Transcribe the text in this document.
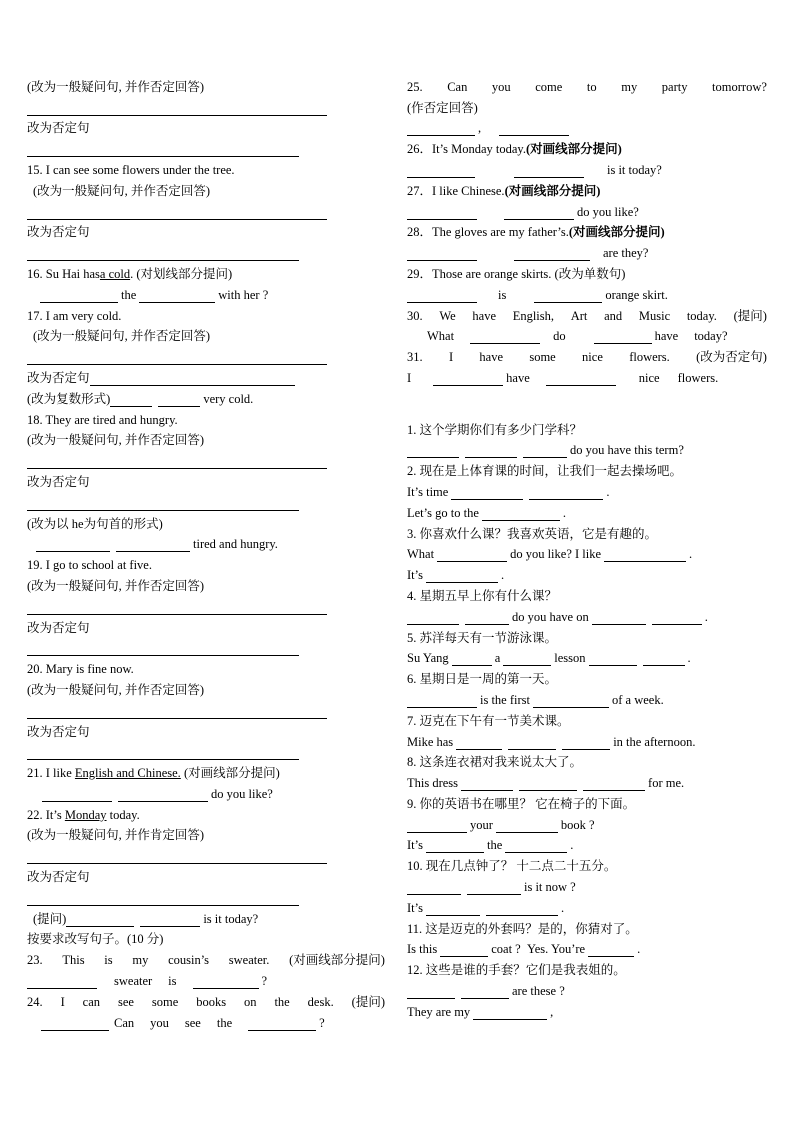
(改为一般疑问句, 并作否定回答)
改为否定句
15. I can see some flowers under the tree.
(改为一般疑问句, 并作否定回答)
改为否定句
16. Su Hai has a cold . (对划线部分提问)
the	with her ?
17. I am very cold.
(改为一般疑问句, 并作否定回答)
改为否定句
(改为复数形式)	very cold.
18. They are tired and hungry.
(改为一般疑问句, 并作否定回答)
改为否定句
(改为以 he为句首的形式)
tired and hungry.
19. I go to school at five.
(改为一般疑问句, 并作否定回答)
改为否定句
20. Mary is fine now.
(改为一般疑问句, 并作否定回答)
改为否定句
21. I like
English and Chinese.
(对画线部分提问)
do you like?
22. It’s
Monday
today.
(改为一般疑问句, 并作肯定回答)
改为否定句
(提问)	is it today?
按要求改写句子。(10 分)
23. This is my cousin’s sweater. (对画线部分提问)
sweater is	?
24. I can see some books on the desk. (提问)
Can you see the	?
25. Can you come to my party tomorrow?
(作否定回答)
,
26．It’s Monday today. (对画线部分提问)
is it today?
27．I like Chinese. (对画线部分提问)
do you like?
28．The gloves are my father’s. (对画线部分提问)
are they?
29．Those are orange skirts. (改为单数句)
is	orange skirt.
30. We have English, Art and Music today. (提问)
What	do	have today?
31. I have some nice flowers. (改为否定句)
I	have	nice flowers.
1. 这个学期你们有多少门学科？
do you have this term?
2. 现在是上体育课的时间，让我们一起去操场吧。
It’s time	.
Let’s go to the	.
3. 你喜欢什么课？我喜欢英语，它是有趣的。
What	do you like? I like	.
It’s	.
4. 星期五早上你有什么课？
do you have on	.
5. 苏洋每天有一节游泳课。
Su Yang	a	lesson	.
6. 星期日是一周的第一天。
is the first	of a week.
7. 迈克在下午有一节美术课。
Mike has	in the afternoon.
8. 这条连衣裙对我来说太大了。
This dress	for me.
9. 你的英语书在哪里？ 它在椅子的下面。
your	book ?
It’s	the	.
10. 现在几点钟了？ 十二点二十五分。
is it now ?
It’s	.
11. 这是迈克的外套吗？是的，你猜对了。
Is this	coat ?
Yes. You’re	.
12. 这些是谁的手套？它们是我表姐的。
are these ?
They are my	,
